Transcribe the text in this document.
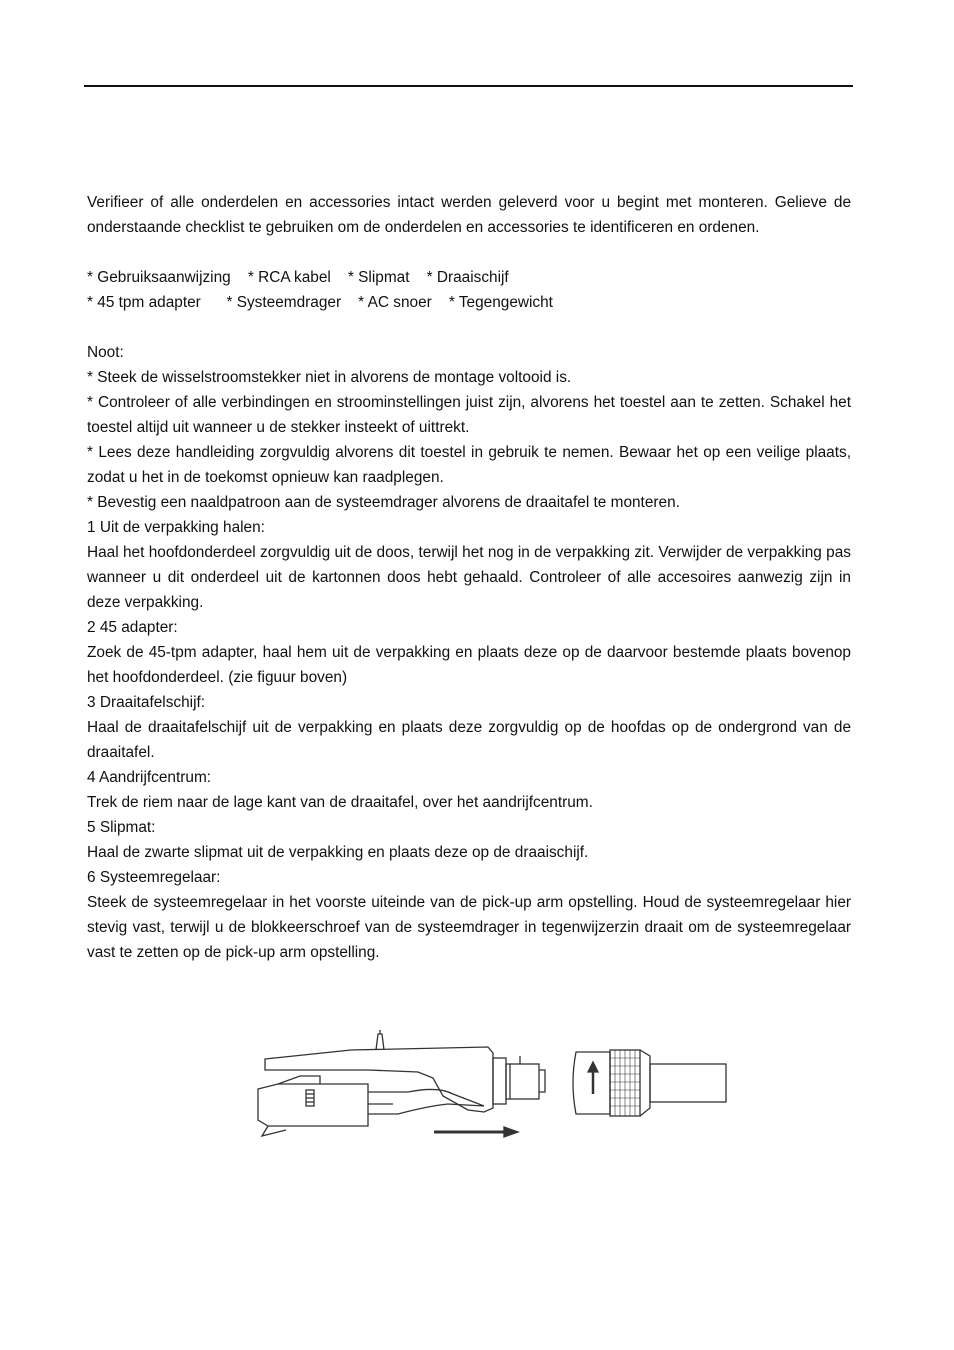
Verifieer of alle onderdelen en accessories intact werden geleverd voor u begint met monteren. Gelieve de onderstaande checklist te gebruiken om de onderdelen en accessories te identificeren en ordenen.

* Gebruiksaanwijzing    * RCA kabel    * Slipmat    * Draaischijf

* 45 tpm adapter      * Systeemdrager    * AC snoer    * Tegengewicht

Noot:

* Steek de wisselstroomstekker niet in alvorens de montage voltooid is.

* Controleer of alle verbindingen en stroominstellingen juist zijn, alvorens het toestel aan te zetten. Schakel het toestel altijd uit wanneer u de stekker insteekt of uittrekt.

* Lees deze handleiding zorgvuldig alvorens dit toestel in gebruik te nemen. Bewaar het op een veilige plaats, zodat u het in de toekomst opnieuw kan raadplegen.

* Bevestig een naaldpatroon aan de systeemdrager alvorens de draaitafel te monteren.

1 Uit de verpakking halen:

Haal het hoofdonderdeel zorgvuldig uit de doos, terwijl het nog in de verpakking zit. Verwijder de verpakking pas wanneer u dit onderdeel uit de kartonnen doos hebt gehaald. Controleer of alle accesoires aanwezig zijn in deze verpakking.

2 45 adapter:

Zoek de 45-tpm adapter, haal hem uit de verpakking en plaats deze op de daarvoor bestemde plaats bovenop het hoofdonderdeel. (zie figuur boven)

3 Draaitafelschijf:

Haal de draaitafelschijf uit de verpakking en plaats deze zorgvuldig op de hoofdas op de ondergrond van de draaitafel.

4 Aandrijfcentrum:

Trek de riem naar de lage kant van de draaitafel, over het aandrijfcentrum.

5 Slipmat:

Haal de zwarte slipmat uit de verpakking en plaats deze op de draaischijf.

6 Systeemregelaar:

Steek de systeemregelaar in het voorste uiteinde van de pick-up arm opstelling. Houd de systeemregelaar hier stevig vast, terwijl u de blokkeerschroef van de systeemdrager in tegenwijzerzin draait om de systeemregelaar vast te zetten op de pick-up arm opstelling.
